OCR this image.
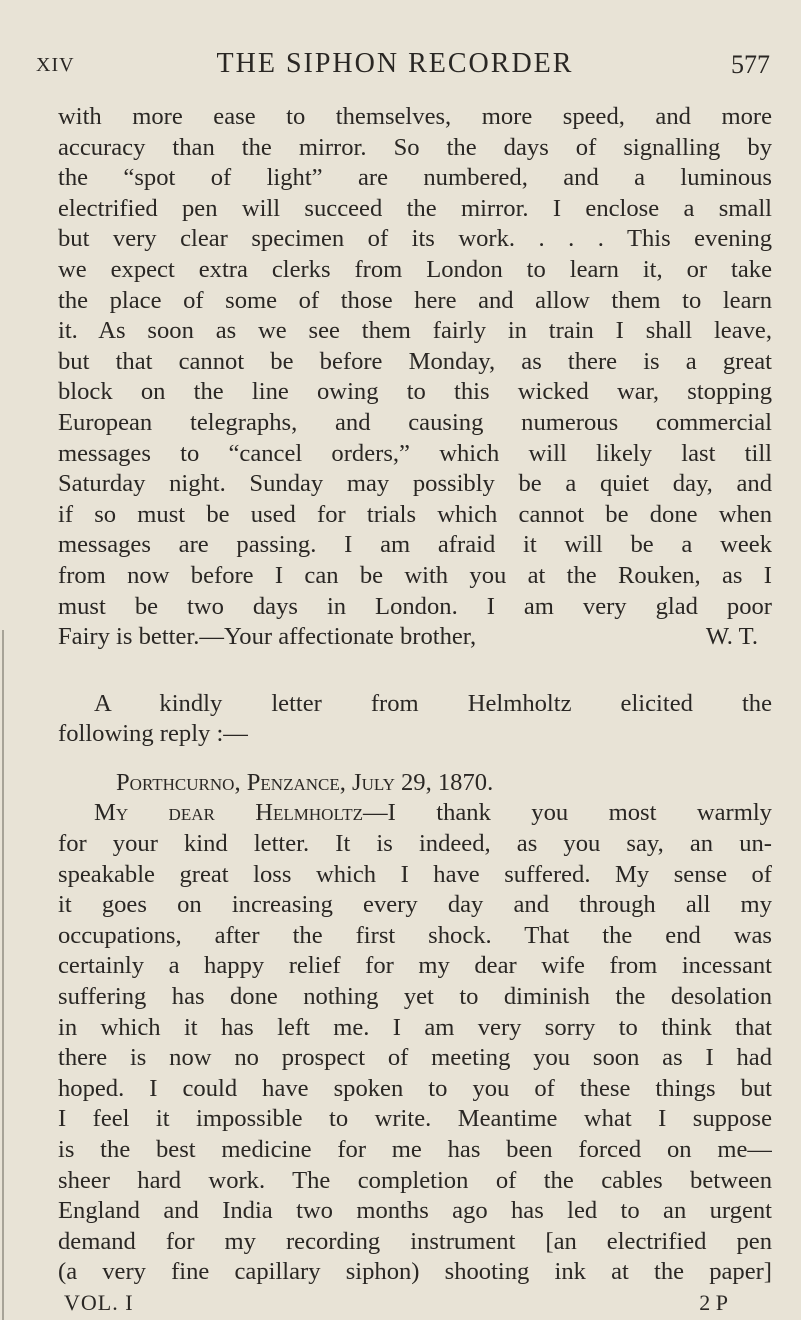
XIV	THE SIPHON RECORDER	577
with more ease to themselves, more speed, and more
accuracy than the mirror. So the days of signalling by
the “spot of light” are numbered, and a luminous
electrified pen will succeed the mirror. I enclose a small
but very clear specimen of its work. . . . This evening
we expect extra clerks from London to learn it, or take
the place of some of those here and allow them to learn
it. As soon as we see them fairly in train I shall leave,
but that cannot be before Monday, as there is a great
block on the line owing to this wicked war, stopping
European telegraphs, and causing numerous commercial
messages to “cancel orders,” which will likely last till
Saturday night. Sunday may possibly be a quiet day, and
if so must be used for trials which cannot be done when
messages are passing. I am afraid it will be a week
from now before I can be with you at the Rouken, as I
must be two days in London. I am very glad poor
Fairy is better.—Your affectionate brother,	W. T.
A kindly letter from Helmholtz elicited the
following reply :—
Porthcurno, Penzance, July 29, 1870.
My dear Helmholtz—I thank you most warmly
for your kind letter. It is indeed, as you say, an un-
speakable great loss which I have suffered. My sense of
it goes on increasing every day and through all my
occupations, after the first shock. That the end was
certainly a happy relief for my dear wife from incessant
suffering has done nothing yet to diminish the desolation
in which it has left me. I am very sorry to think that
there is now no prospect of meeting you soon as I had
hoped. I could have spoken to you of these things but
I feel it impossible to write. Meantime what I suppose
is the best medicine for me has been forced on me—
sheer hard work. The completion of the cables between
England and India two months ago has led to an urgent
demand for my recording instrument [an electrified pen
(a very fine capillary siphon) shooting ink at the paper]
VOL. I	2 P
